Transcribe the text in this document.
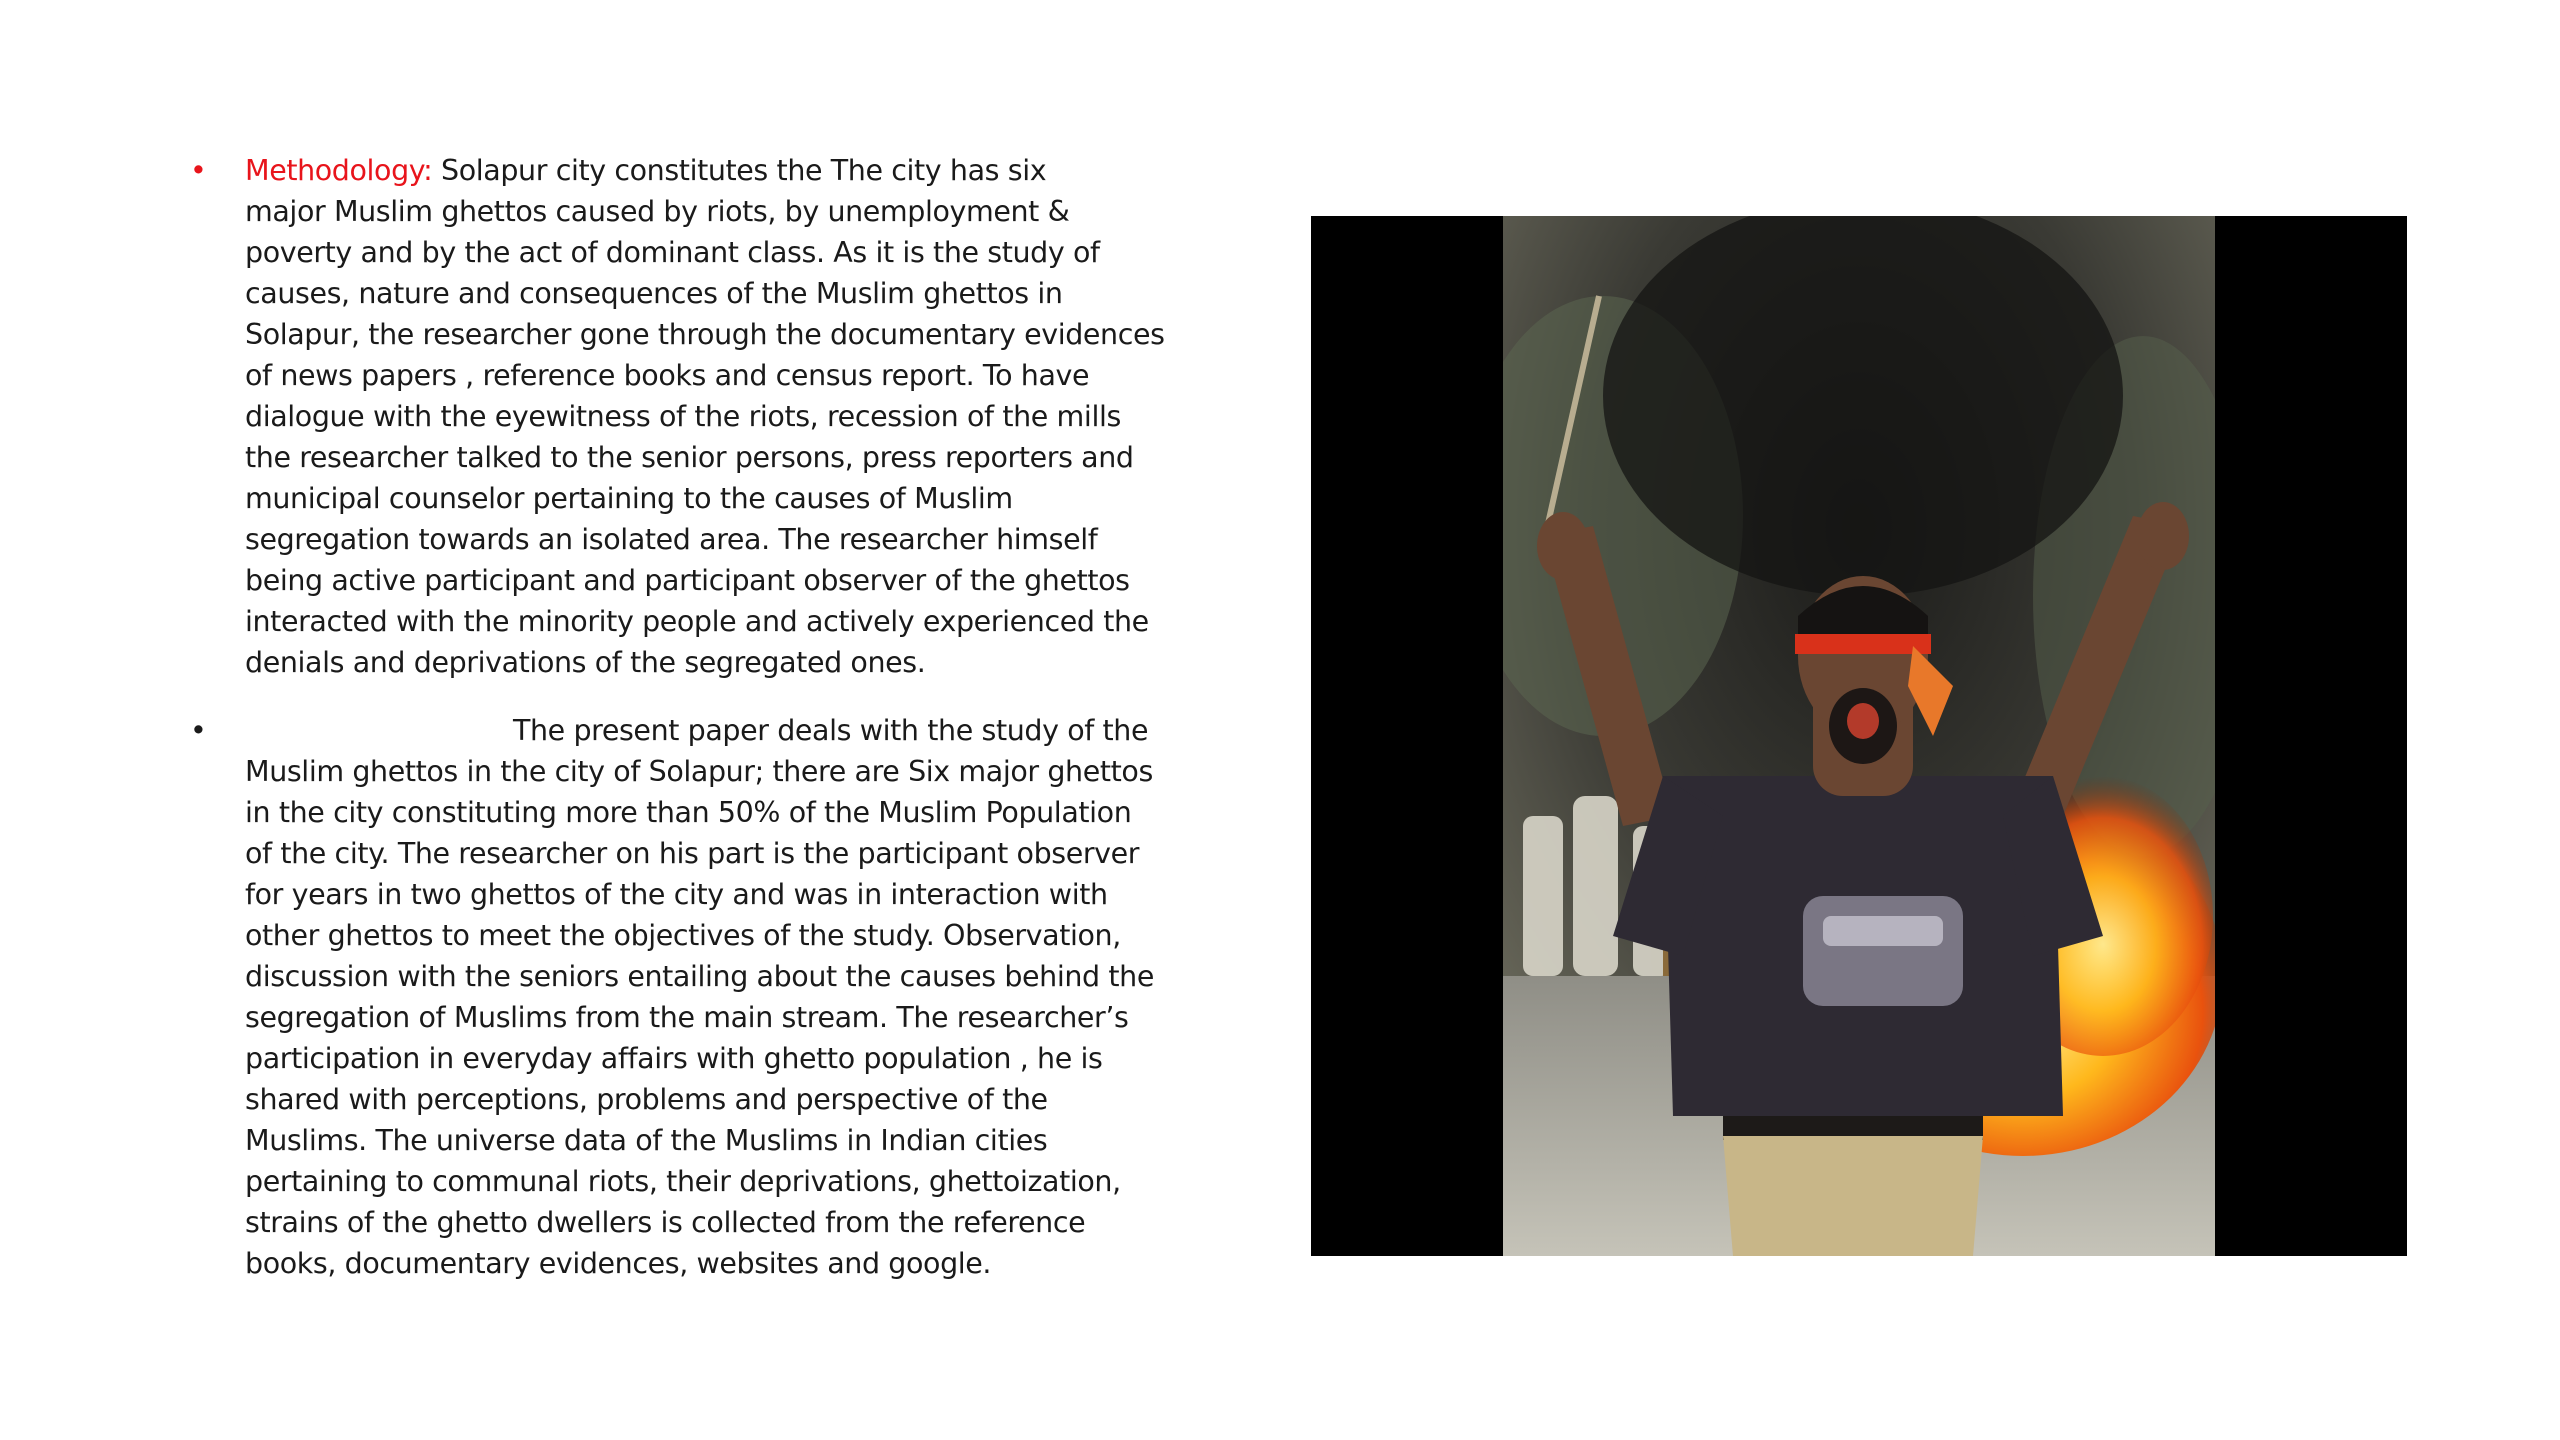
•	Methodology: Solapur city constitutes the The city has six
major Muslim ghettos caused by riots, by unemployment &
poverty and by the act of dominant class. As it is the study of
causes, nature and consequences of the Muslim ghettos in
Solapur, the researcher gone through the documentary evidences
of news papers , reference books and census report. To have
dialogue with the eyewitness of the riots, recession of the mills
the researcher talked to the senior persons, press reporters and
municipal counselor pertaining to the causes of Muslim
segregation towards an isolated area. The researcher himself
being active participant and participant observer of the ghettos
interacted with the minority people and actively experienced the
denials and deprivations of the segregated ones.
•	The present paper deals with the study of the
Muslim ghettos in the city of Solapur; there are Six major ghettos
in the city constituting more than 50% of the Muslim Population
of the city. The researcher on his part is the participant observer
for years in two ghettos of the city and was in interaction with
other ghettos to meet the objectives of the study. Observation,
discussion with the seniors entailing about the causes behind the
segregation of Muslims from the main stream. The researcher’s
participation in everyday affairs with ghetto population , he is
shared with perceptions, problems and perspective of the
Muslims. The universe data of the Muslims in Indian cities
pertaining to communal riots, their deprivations, ghettoization,
strains of the ghetto dwellers is collected from the reference
books, documentary evidences, websites and google.
